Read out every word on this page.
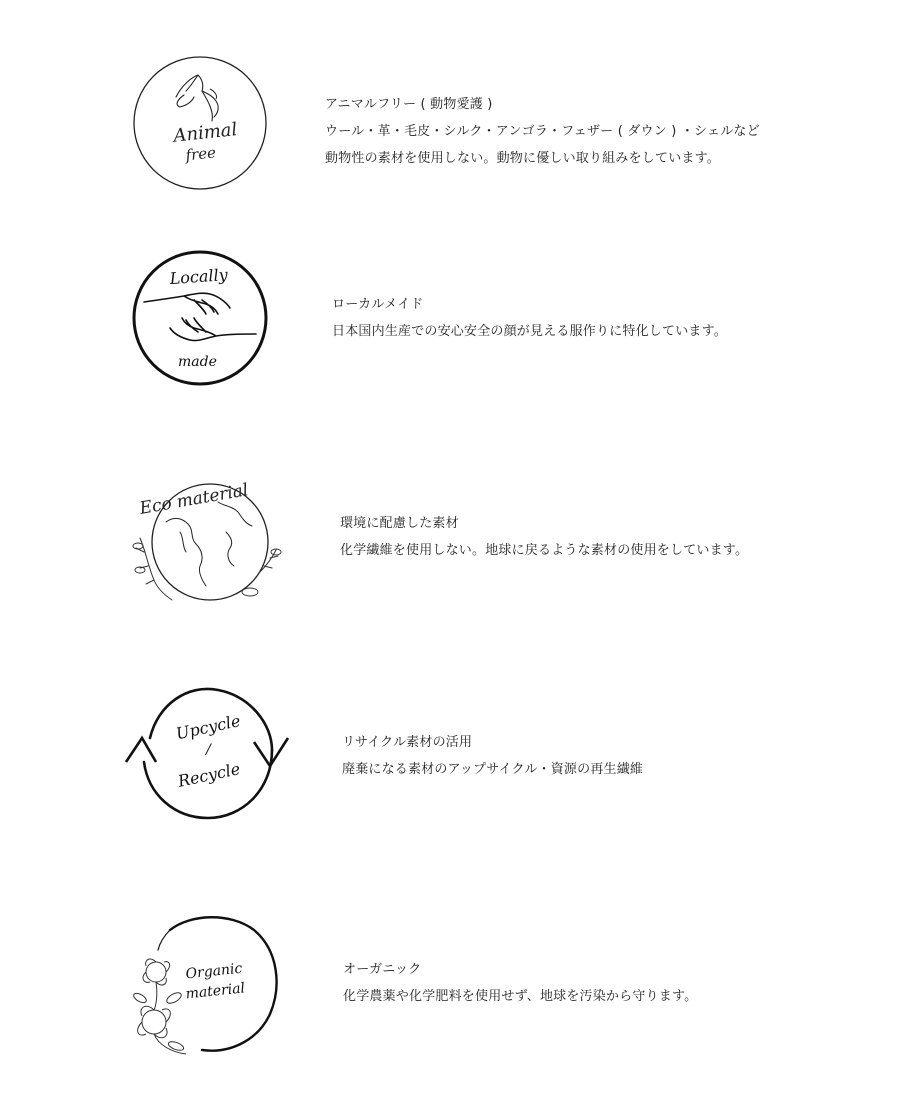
Animal
free
アニマルフリー ( 動物愛護 )
ウール・革・毛皮・シルク・アンゴラ・フェザー ( ダウン ) ・シェルなど
動物性の素材を使用しない。動物に優しい取り組みをしています。
Locally
made
ローカルメイド
日本国内生産での安心安全の顔が見える服作りに特化しています。
Eco material
環境に配慮した素材
化学繊維を使用しない。地球に戻るような素材の使用をしています。
Upcycle
/
Recycle
リサイクル素材の活用
廃棄になる素材のアップサイクル・資源の再生繊維
Organic
material
オーガニック
化学農薬や化学肥料を使用せず、地球を汚染から守ります。
